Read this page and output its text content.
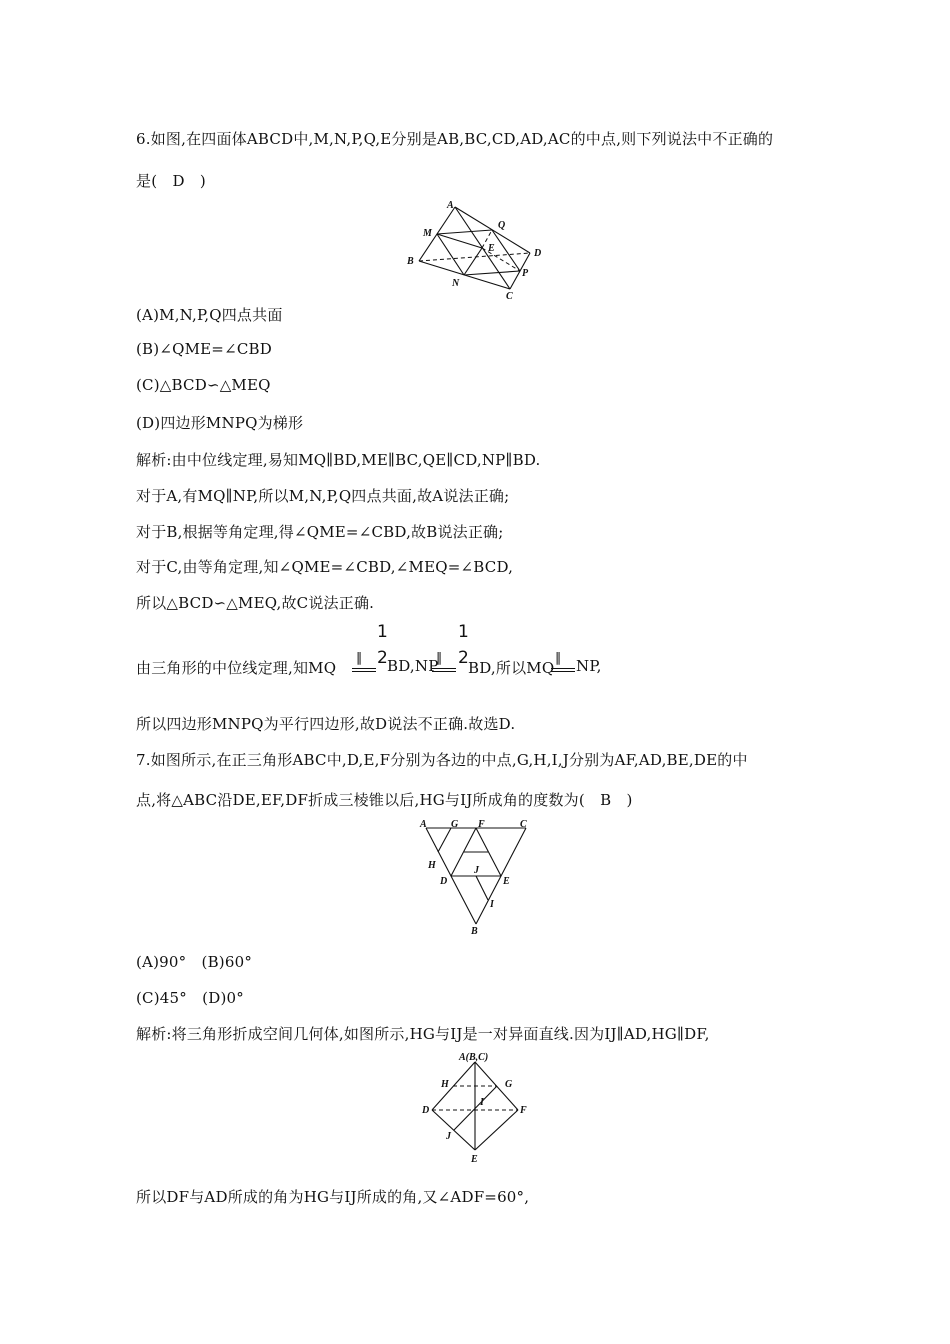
6.如图,在四面体ABCD中,M,N,P,Q,E分别是AB,BC,CD,AD,AC的中点,则下列说法中不正确的
是(　D　)
A
Q
M
E	D
B
P
N
C
(A)M,N,P,Q四点共面
(B)∠QME=∠CBD
(C)△BCD∽△MEQ
(D)四边形MNPQ为梯形
解析:由中位线定理,易知MQ∥BD,ME∥BC,QE∥CD,NP∥BD.
对于A,有MQ∥NP,所以M,N,P,Q四点共面,故A说法正确;
对于B,根据等角定理,得∠QME=∠CBD,故B说法正确;
对于C,由等角定理,知∠QME=∠CBD,∠MEQ=∠BCD,
所以△BCD∽△MEQ,故C说法正确.
由三角形的中位线定理,知MQ
∥
1
2 BD,NP
∥
1
2 BD,所以MQ
∥ NP,
所以四边形MNPQ为平行四边形,故D说法不正确.故选D.
7.如图所示,在正三角形ABC中,D,E,F分别为各边的中点,G,H,I,J分别为AF,AD,BE,DE的中
点,将△ABC沿DE,EF,DF折成三棱锥以后,HG与IJ所成角的度数为(　B　)
A G F	C
H	J
D	E
I
B
(A)90°　(B)60°
(C)45°　(D)0°
解析:将三角形折成空间几何体,如图所示,HG与IJ是一对异面直线.因为IJ∥AD,HG∥DF,
A(B,C)
H	G
I
D	F
J
E
所以DF与AD所成的角为HG与IJ所成的角,又∠ADF=60°,
